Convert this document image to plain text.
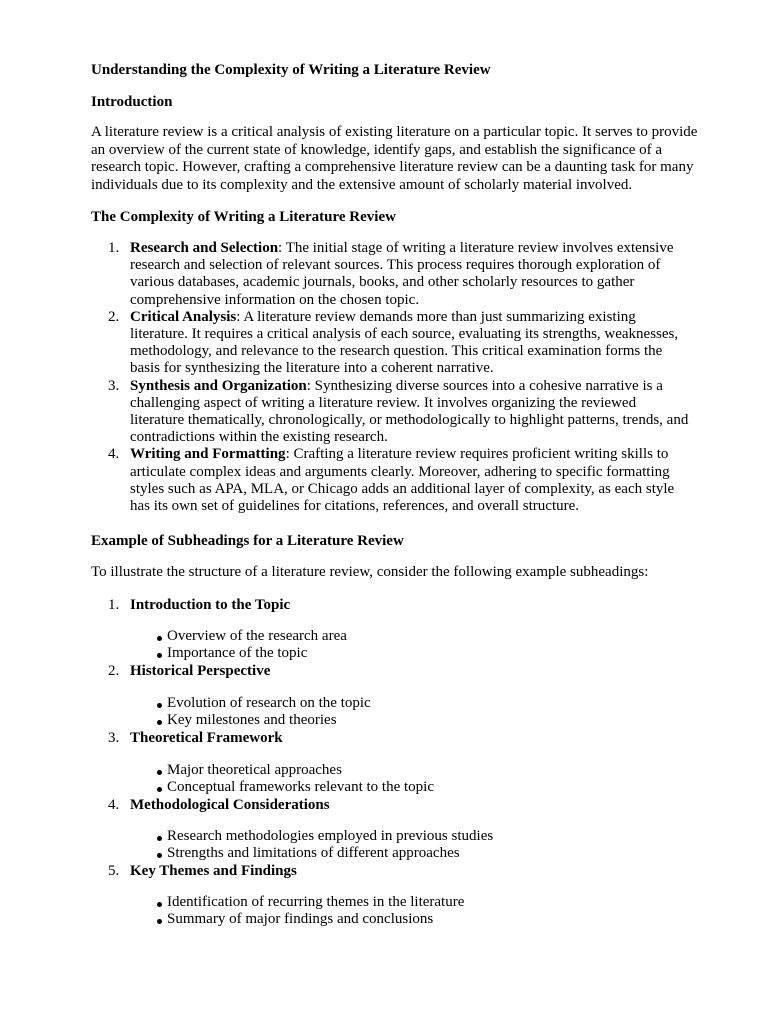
Understanding the Complexity of Writing a Literature Review
Introduction
A literature review is a critical analysis of existing literature on a particular topic. It serves to provide
an overview of the current state of knowledge, identify gaps, and establish the significance of a
research topic. However, crafting a comprehensive literature review can be a daunting task for many
individuals due to its complexity and the extensive amount of scholarly material involved.
The Complexity of Writing a Literature Review
1. Research and Selection: The initial stage of writing a literature review involves extensive
research and selection of relevant sources. This process requires thorough exploration of
various databases, academic journals, books, and other scholarly resources to gather
comprehensive information on the chosen topic.
2. Critical Analysis: A literature review demands more than just summarizing existing
literature. It requires a critical analysis of each source, evaluating its strengths, weaknesses,
methodology, and relevance to the research question. This critical examination forms the
basis for synthesizing the literature into a coherent narrative.
3. Synthesis and Organization: Synthesizing diverse sources into a cohesive narrative is a
challenging aspect of writing a literature review. It involves organizing the reviewed
literature thematically, chronologically, or methodologically to highlight patterns, trends, and
contradictions within the existing research.
4. Writing and Formatting: Crafting a literature review requires proficient writing skills to
articulate complex ideas and arguments clearly. Moreover, adhering to specific formatting
styles such as APA, MLA, or Chicago adds an additional layer of complexity, as each style
has its own set of guidelines for citations, references, and overall structure.
Example of Subheadings for a Literature Review
To illustrate the structure of a literature review, consider the following example subheadings:
1. Introduction to the Topic
Overview of the research area
Importance of the topic
2. Historical Perspective
Evolution of research on the topic
Key milestones and theories
3. Theoretical Framework
Major theoretical approaches
Conceptual frameworks relevant to the topic
4. Methodological Considerations
Research methodologies employed in previous studies
Strengths and limitations of different approaches
5. Key Themes and Findings
Identification of recurring themes in the literature
Summary of major findings and conclusions
